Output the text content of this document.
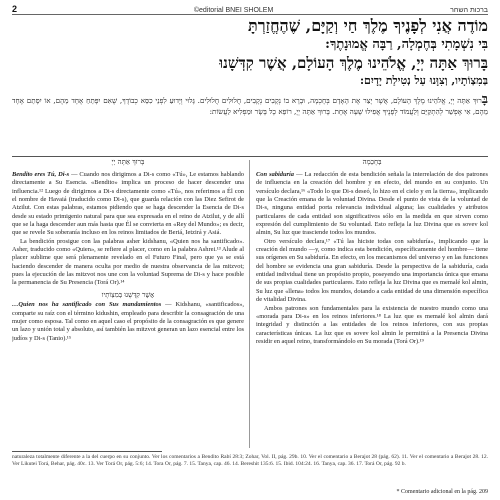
2	©editorial BNEI SHOLEM	ברכות השחר
מוֹדֶה אֲנִי לְפָנֶיךָ מֶלֶךְ חַי וְקַיָּם, שֶׁהֶחֱזַרְתָּ
בִּי נִשְׁמָתִי בְּחֶמְלָה, רַבָּה אֱמוּנָתֶךָ:
בָּרוּךְ אַתָּה יְיָ, אֱלֹהֵינוּ מֶלֶךְ הָעוֹלָם, אֲשֶׁר קִדְּשָׁנוּ
בְּמִצְוֹתָיו, וְצִוָּנוּ עַל נְטִילַת יָדָיִם:
בָּרוּךְ אַתָּה יְיָ, אֱלֹהֵינוּ מֶלֶךְ הָעוֹלָם, אֲשֶׁר יָצַר אֶת הָאָדָם בְּחָכְמָה, וּבָרָא בוֹ נְקָבִים נְקָבִים, חֲלוּלִים חֲלוּלִים. גָּלוּי וְיָדוּעַ לִפְנֵי כִסֵּא כְבוֹדֶךָ, שֶׁאִם יִפָּתֵחַ אֶחָד מֵהֶם, אוֹ יִסָּתֵם אֶחָד מֵהֶם, אִי אֶפְשַׁר לְהִתְקַיֵּם וְלַעֲמוֹד לְפָנֶיךָ אֲפִילוּ שָׁעָה אֶחָת. בָּרוּךְ אַתָּה יְיָ, רוֹפֵא כָל בָּשָׂר וּמַפְלִיא לַעֲשׂוֹת:
בָּרוּךְ אַתָּה יְיָ

Bendito eres Tú, Di-s — Cuando nos dirigimos a Di-s como «Tú», Le estamos hablando directamente a Su Esencia. «Bendito» implica un proceso de hacer descender una influencia.¹² Luego de dirigirnos a Di-s directamente como «Tú», nos referimos a Él con el nombre de Havaiá (traducido como Di-s), que guarda relación con las Diez Sefirot de Atzilut. Con estas palabras, estamos pidiendo que se haga descender la Esencia de Di-s desde su estado primigenio natural para que sea expresada en el reino de Atzilut, y de allí que se la haga descender aun más hasta que Él se convierta en «Rey del Mundo»; es decir, que se revele Su soberanía incluso en los reinos limitados de Beriá, Ietzirá y Asiá.

La bendición prosigue con las palabras asher kidshanu, «Quien nos ha santificado». Asher, traducido como «Quien», se refiere al placer, como en la palabra Ashrei.¹³ Alude al placer sublime que será plenamente revelado en el Futuro Final, pero que ya se está haciendo descender de manera oculta por medio de nuestra observancia de las mitzvot; pues la ejecución de las mitzvot nos une con la voluntad Suprema de Di-s y hace posible la permanencia de Su Presencia (Torá Or).¹⁴

אֲשֶׁר קִדְּשָׁנוּ בְּמִצְוֹתָיו

…Quien nos ha santificado con Sus mandamientos — Kidshanu, «santificados», comparte su raíz con el término kidushin, empleado para describir la consagración de una mujer como esposa. Tal como en aquel caso el propósito de la consagración es que genere un lazo y unión total y absoluto, así también las mitzvot generan un lazo esencial entre los judíos y Di-s (Tanio).¹⁵

בְּחָכְמָה

Con sabiduría — La redacción de esta bendición señala la interrelación de dos patrones de influencia en la creación del hombre y en efecto, del mundo en su conjunto. Un versículo declara,¹⁶ «Todo lo que Di-s deseó, lo hizo en el cielo y en la tierra», implicando que la Creación emana de la voluntad Divina. Desde el punto de vista de la voluntad de Di-s, ninguna entidad porta relevancia individual alguna; las cualidades y atributos particulares de cada entidad son significativos sólo en la medida en que sirven como expresión del cumplimiento de Su voluntad. Esto refleja la luz Divina que es sovev kol almin, Su luz que trasciende todos los mundos.

Otro versículo declara,¹⁷ «Tú las hiciste todas con sabiduría», implicando que la creación del mundo —y, como indica esta bendición, específicamente del hombre— tiene sus orígenes en Su sabiduría. En efecto, en los mecanismos del universo y en las funciones del hombre se evidencia una gran sabiduría. Desde la perspectiva de la sabiduría, cada entidad individual tiene un propósito propio, poseyendo una importancia única que emana de sus propias cualidades particulares. Esto refleja la luz Divina que es memalé kol almin, Su luz que «llena» todos los mundos, dotando a cada entidad de una dimensión específica de vitalidad Divina.

Ambos patrones son fundamentales para la existencia de nuestro mundo como una «morada para Di-s» en los reinos inferiores.¹⁸ La luz que es memalé kol almin dará integridad y distinción a las entidades de los reinos inferiores, con sus propias características únicas. La luz que es sovev kol almin le permitirá a la Presencia Divina residir en aquel reino, transformándolo en Su morada (Torá Or).¹⁹

naturaleza totalmente diferente a la del cuerpo en su conjunto. Ver los comentarios a Bendito Rabí 28:3; Zohar, Vol. II, pág. 29b. 10. Ver el comentario a Berajot 28 (pág. 62). 11. Ver el comentario a Berajot 28. 12. Ver Likutei Torá, Behar, pág. 40c. 13. Ver Torá Or, pág. 5:6; 14. Tora Or, pág. 7. 15. Tanya, cap. 46. 14. Bereshit 135:6. 15. Ibid. 104:24. 16. Tanya, cap. 36. 17. Torá Or, pág. 92 b.
* Comentario adicional en la pág. 209
